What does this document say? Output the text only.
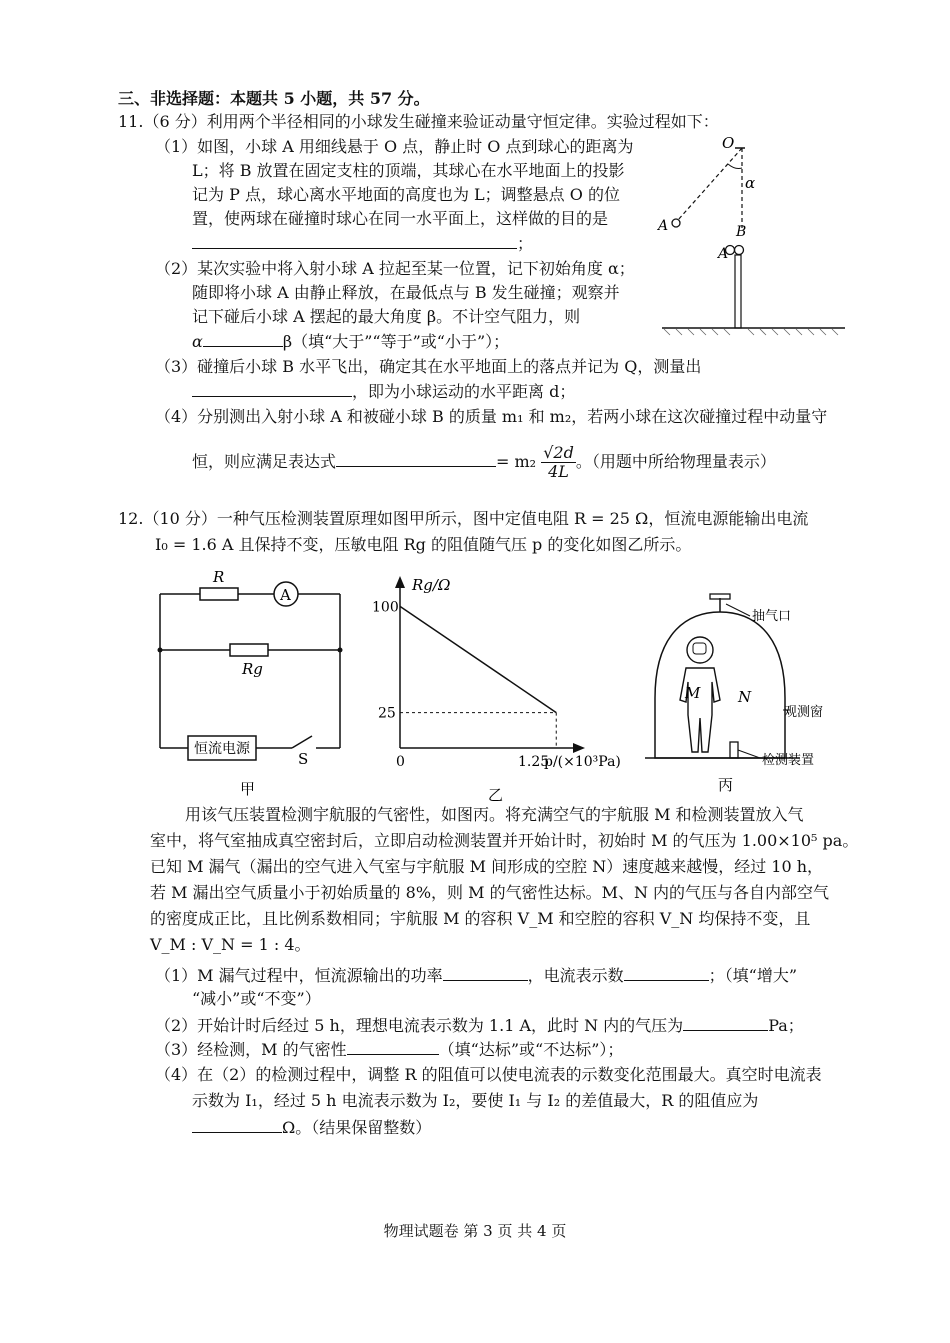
三、非选择题：本题共 5 小题，共 57 分。
11.（6 分）利用两个半径相同的小球发生碰撞来验证动量守恒定律。实验过程如下：
（1）如图，小球 A 用细线悬于 O 点，静止时 O 点到球心的距离为
L；将 B 放置在固定支柱的顶端，其球心在水平地面上的投影
记为 P 点，球心离水平地面的高度也为 L；调整悬点 O 的位
置，使两球在碰撞时球心在同一水平面上，这样做的目的是
；
（2）某次实验中将入射小球 A 拉起至某一位置，记下初始角度 α；
随即将小球 A 由静止释放，在最低点与 B 发生碰撞；观察并
记下碰后小球 A 摆起的最大角度 β。不计空气阻力，则
α	β（填“大于”“等于”或“小于”）；
（3）碰撞后小球 B 水平飞出，确定其在水平地面上的落点并记为 Q，测量出
，即为小球运动的水平距离 d；
（4）分别测出入射小球 A 和被碰小球 B 的质量 m₁ 和 m₂，若两小球在这次碰撞过程中动量守
恒，则应满足表达式	= $m_2 \frac{√2d}{4L}$ 。（用题中所给物理量表示）
O
α
A	B
A
12.（10 分）一种气压检测装置原理如图甲所示，图中定值电阻 R = 25 Ω，恒流电源能输出电流
I₀ = 1.6 A 且保持不变，压敏电阻 Rg 的阻值随气压 p 的变化如图乙所示。
A
恒流电源
R
Rg
S
甲
Rg/Ω
p/(×10³Pa)
0	1.25
100
25
乙
抽气口
M	N
观测窗
检测装置
丙
用该气压装置检测宇航服的气密性，如图丙。将充满空气的宇航服 M 和检测装置放入气
室中，将气室抽成真空密封后，立即启动检测装置并开始计时，初始时 M 的气压为 1.00×10⁵ pa。
已知 M 漏气（漏出的空气进入气室与宇航服 M 间形成的空腔 N）速度越来越慢，经过 10 h，
若 M 漏出空气质量小于初始质量的 8%，则 M 的气密性达标。M、N 内的气压与各自内部空气
的密度成正比，且比例系数相同；宇航服 M 的容积 V_M 和空腔的容积 V_N 均保持不变，且
V_M : V_N = 1 : 4。
（1）M 漏气过程中，恒流源输出的功率	，电流表示数	；（填“增大”
“减小”或“不变”）
（2）开始计时后经过 5 h，理想电流表示数为 1.1 A，此时 N 内的气压为	Pa；
（3）经检测，M 的气密性	（填“达标”或“不达标”）；
（4）在（2）的检测过程中，调整 R 的阻值可以使电流表的示数变化范围最大。真空时电流表
示数为 I₁，经过 5 h 电流表示数为 I₂，要使 I₁ 与 I₂ 的差值最大，R 的阻值应为
Ω。（结果保留整数）
物理试题卷 第 3 页 共 4 页
